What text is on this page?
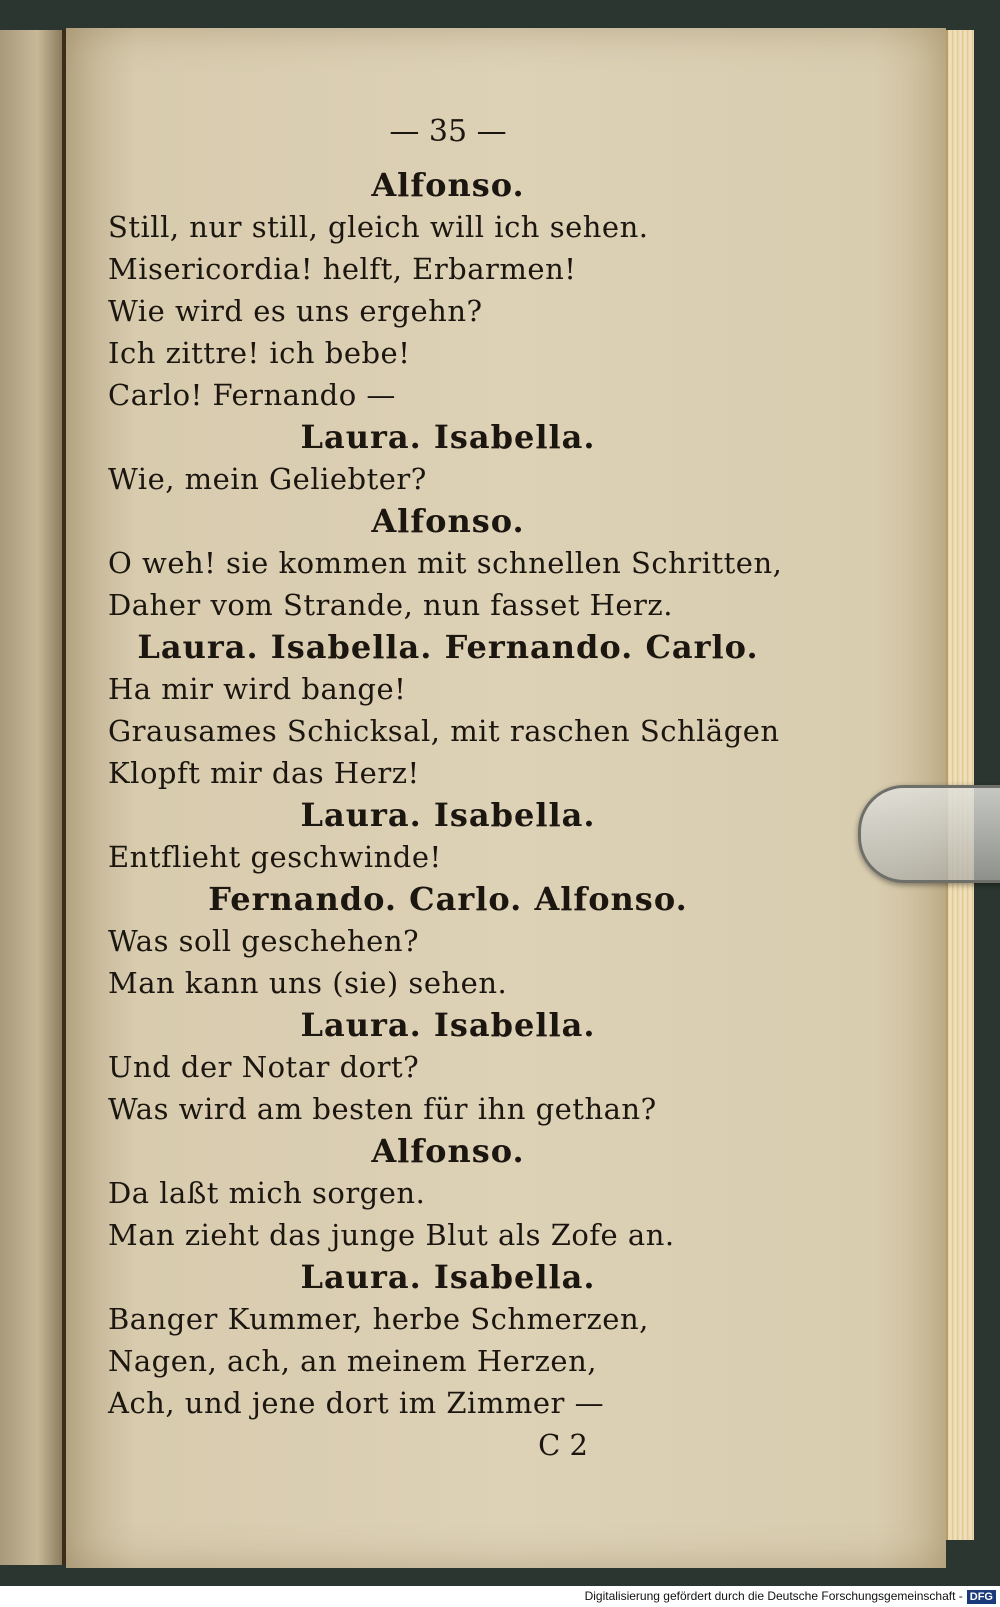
— 35 —
Alfonso.
Still, nur still, gleich will ich sehen.
Misericordia! helft, Erbarmen!
Wie wird es uns ergehn?
Ich zittre! ich bebe!
Carlo! Fernando —
Laura. Isabella.
Wie, mein Geliebter?
Alfonso.
O weh! sie kommen mit schnellen Schritten,
Daher vom Strande, nun fasset Herz.
Laura. Isabella. Fernando. Carlo.
Ha mir wird bange!
Grausames Schicksal, mit raschen Schlägen
Klopft mir das Herz!
Laura. Isabella.
Entflieht geschwinde!
Fernando. Carlo. Alfonso.
Was soll geschehen?
Man kann uns (sie) sehen.
Laura. Isabella.
Und der Notar dort?
Was wird am besten für ihn gethan?
Alfonso.
Da laßt mich sorgen.
Man zieht das junge Blut als Zofe an.
Laura. Isabella.
Banger Kummer, herbe Schmerzen,
Nagen, ach, an meinem Herzen,
Ach, und jene dort im Zimmer —
C 2
Digitalisierung gefördert durch die Deutsche Forschungsgemeinschaft - DFG
